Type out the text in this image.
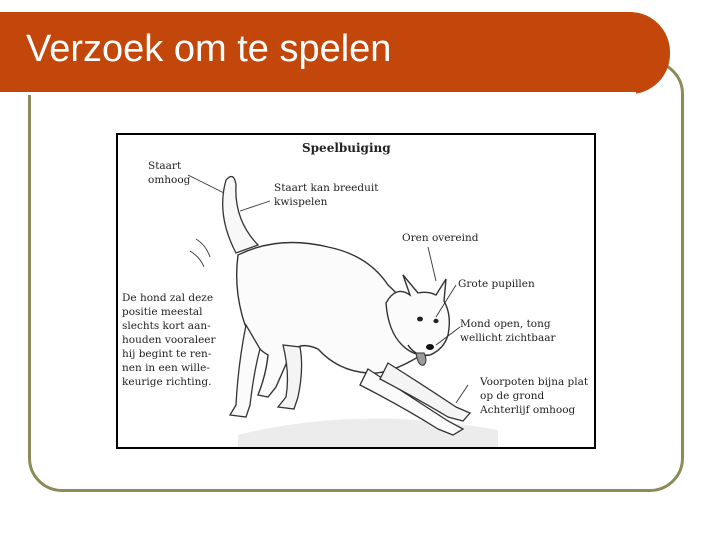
Verzoek om te spelen
Speelbuiging
Staart
omhoog
Staart kan breeduit
kwispelen
Oren overeind
Grote pupillen
Mond open, tong
wellicht zichtbaar
Voorpoten bijna plat
op de grond
Achterlijf omhoog
De hond zal deze
positie meestal
slechts kort aan-
houden vooraleer
hij begint te ren-
nen in een wille-
keurige richting.
